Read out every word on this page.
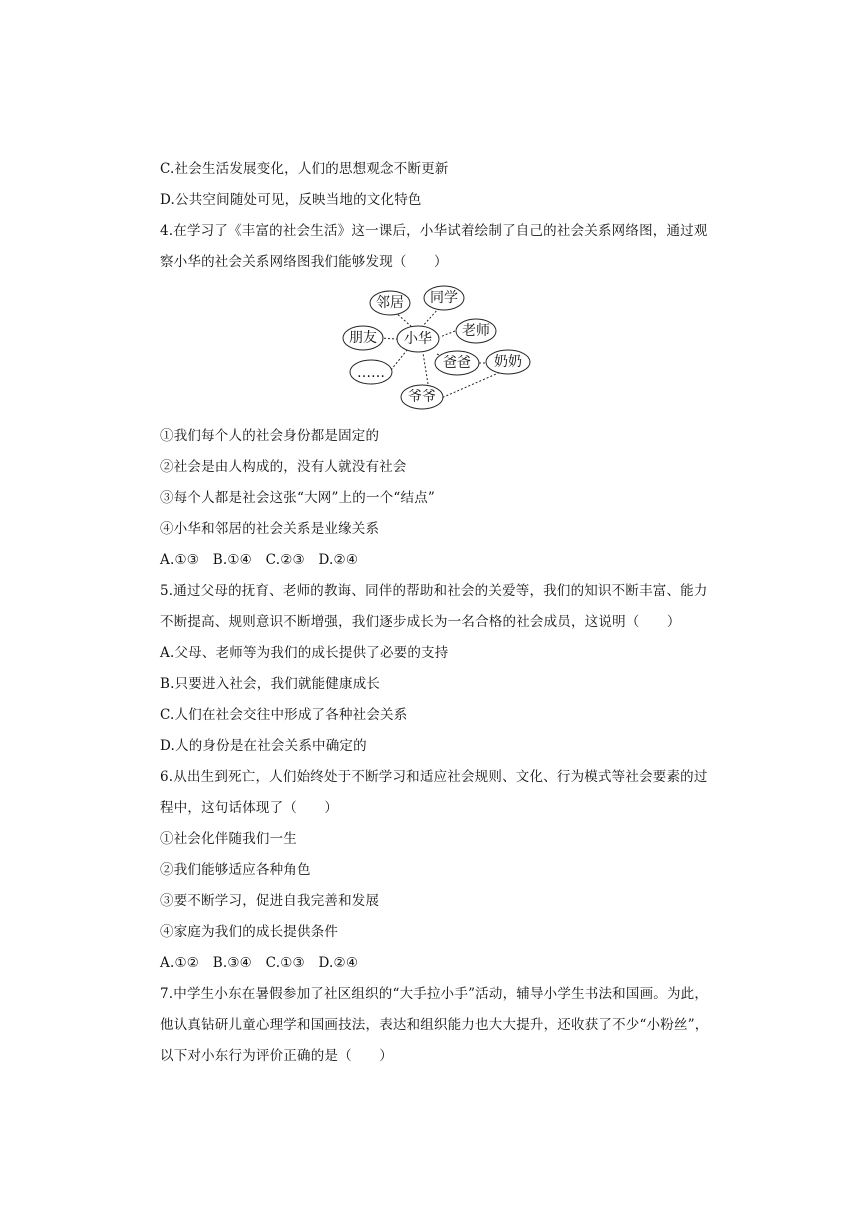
C.社会生活发展变化，人们的思想观念不断更新
D.公共空间随处可见，反映当地的文化特色
4.在学习了《丰富的社会生活》这一课后，小华试着绘制了自己的社会关系网络图，通过观
察小华的社会关系网络图我们能够发现（　　）
邻居 同学
老师
朋友 小华
……
爸爸 奶奶
爷爷
①我们每个人的社会身份都是固定的
②社会是由人构成的，没有人就没有社会
③每个人都是社会这张“大网”上的一个“结点”
④小华和邻居的社会关系是业缘关系
A.①③　B.①④　C.②③　D.②④
5.通过父母的抚育、老师的教诲、同伴的帮助和社会的关爱等，我们的知识不断丰富、能力
不断提高、规则意识不断增强，我们逐步成长为一名合格的社会成员，这说明（　　）
A.父母、老师等为我们的成长提供了必要的支持
B.只要进入社会，我们就能健康成长
C.人们在社会交往中形成了各种社会关系
D.人的身份是在社会关系中确定的
6.从出生到死亡，人们始终处于不断学习和适应社会规则、文化、行为模式等社会要素的过
程中，这句话体现了（　　）
①社会化伴随我们一生
②我们能够适应各种角色
③要不断学习，促进自我完善和发展
④家庭为我们的成长提供条件
A.①②　B.③④　C.①③　D.②④
7.中学生小东在暑假参加了社区组织的“大手拉小手”活动，辅导小学生书法和国画。为此，
他认真钻研儿童心理学和国画技法，表达和组织能力也大大提升，还收获了不少“小粉丝”，
以下对小东行为评价正确的是（　　）
